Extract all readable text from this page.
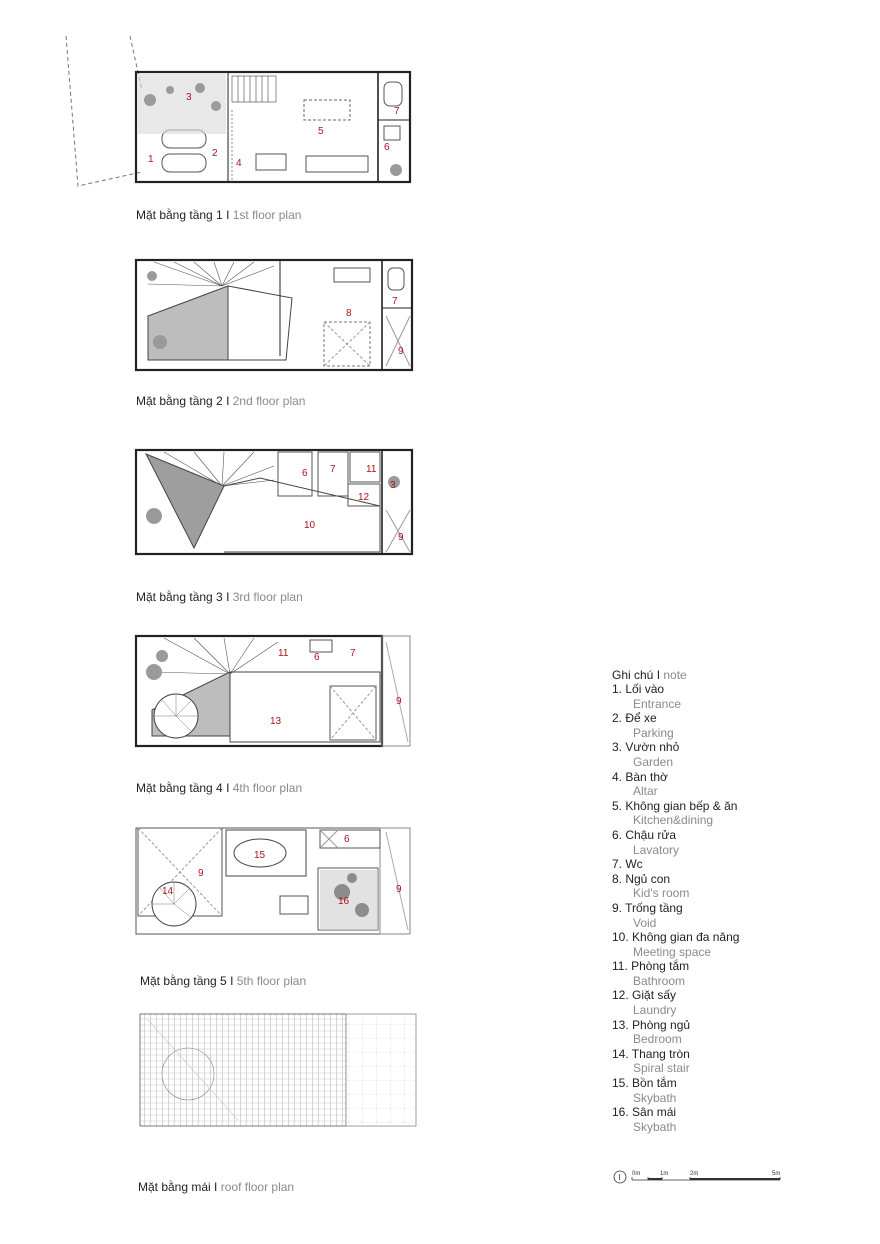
3
1
2
4
5
6
7
Mặt bằng tầng 1 I 1st floor plan
8
7
9
Mặt bằng tầng 2 I 2nd floor plan
6 7	11
12
3
10
9
Mặt bằng tầng 3 I 3rd floor plan
11	6	7
13
9
Mặt bằng tầng 4 I 4th floor plan
15
6
9
14
16
9
Mặt bằng tầng 5 I 5th floor plan
Mặt bằng mái I roof floor plan
Ghi chú I note
1. Lối vào
Entrance
2. Để xe
Parking
3. Vườn nhỏ
Garden
4. Bàn thờ
Altar
5. Không gian bếp & ăn
Kitchen&dining
6. Chậu rửa
Lavatory
7. Wc
8. Ngủ con
Kid's room
9. Trống tầng
Void
10. Không gian đa năng
Meeting space
11. Phòng tắm
Bathroom
12. Giặt sấy
Laundry
13. Phòng ngủ
Bedroom
14. Thang tròn
Spiral stair
15. Bồn tắm
Skybath
16. Sân mái
Skybath
I 0m	1m	2m	5m
